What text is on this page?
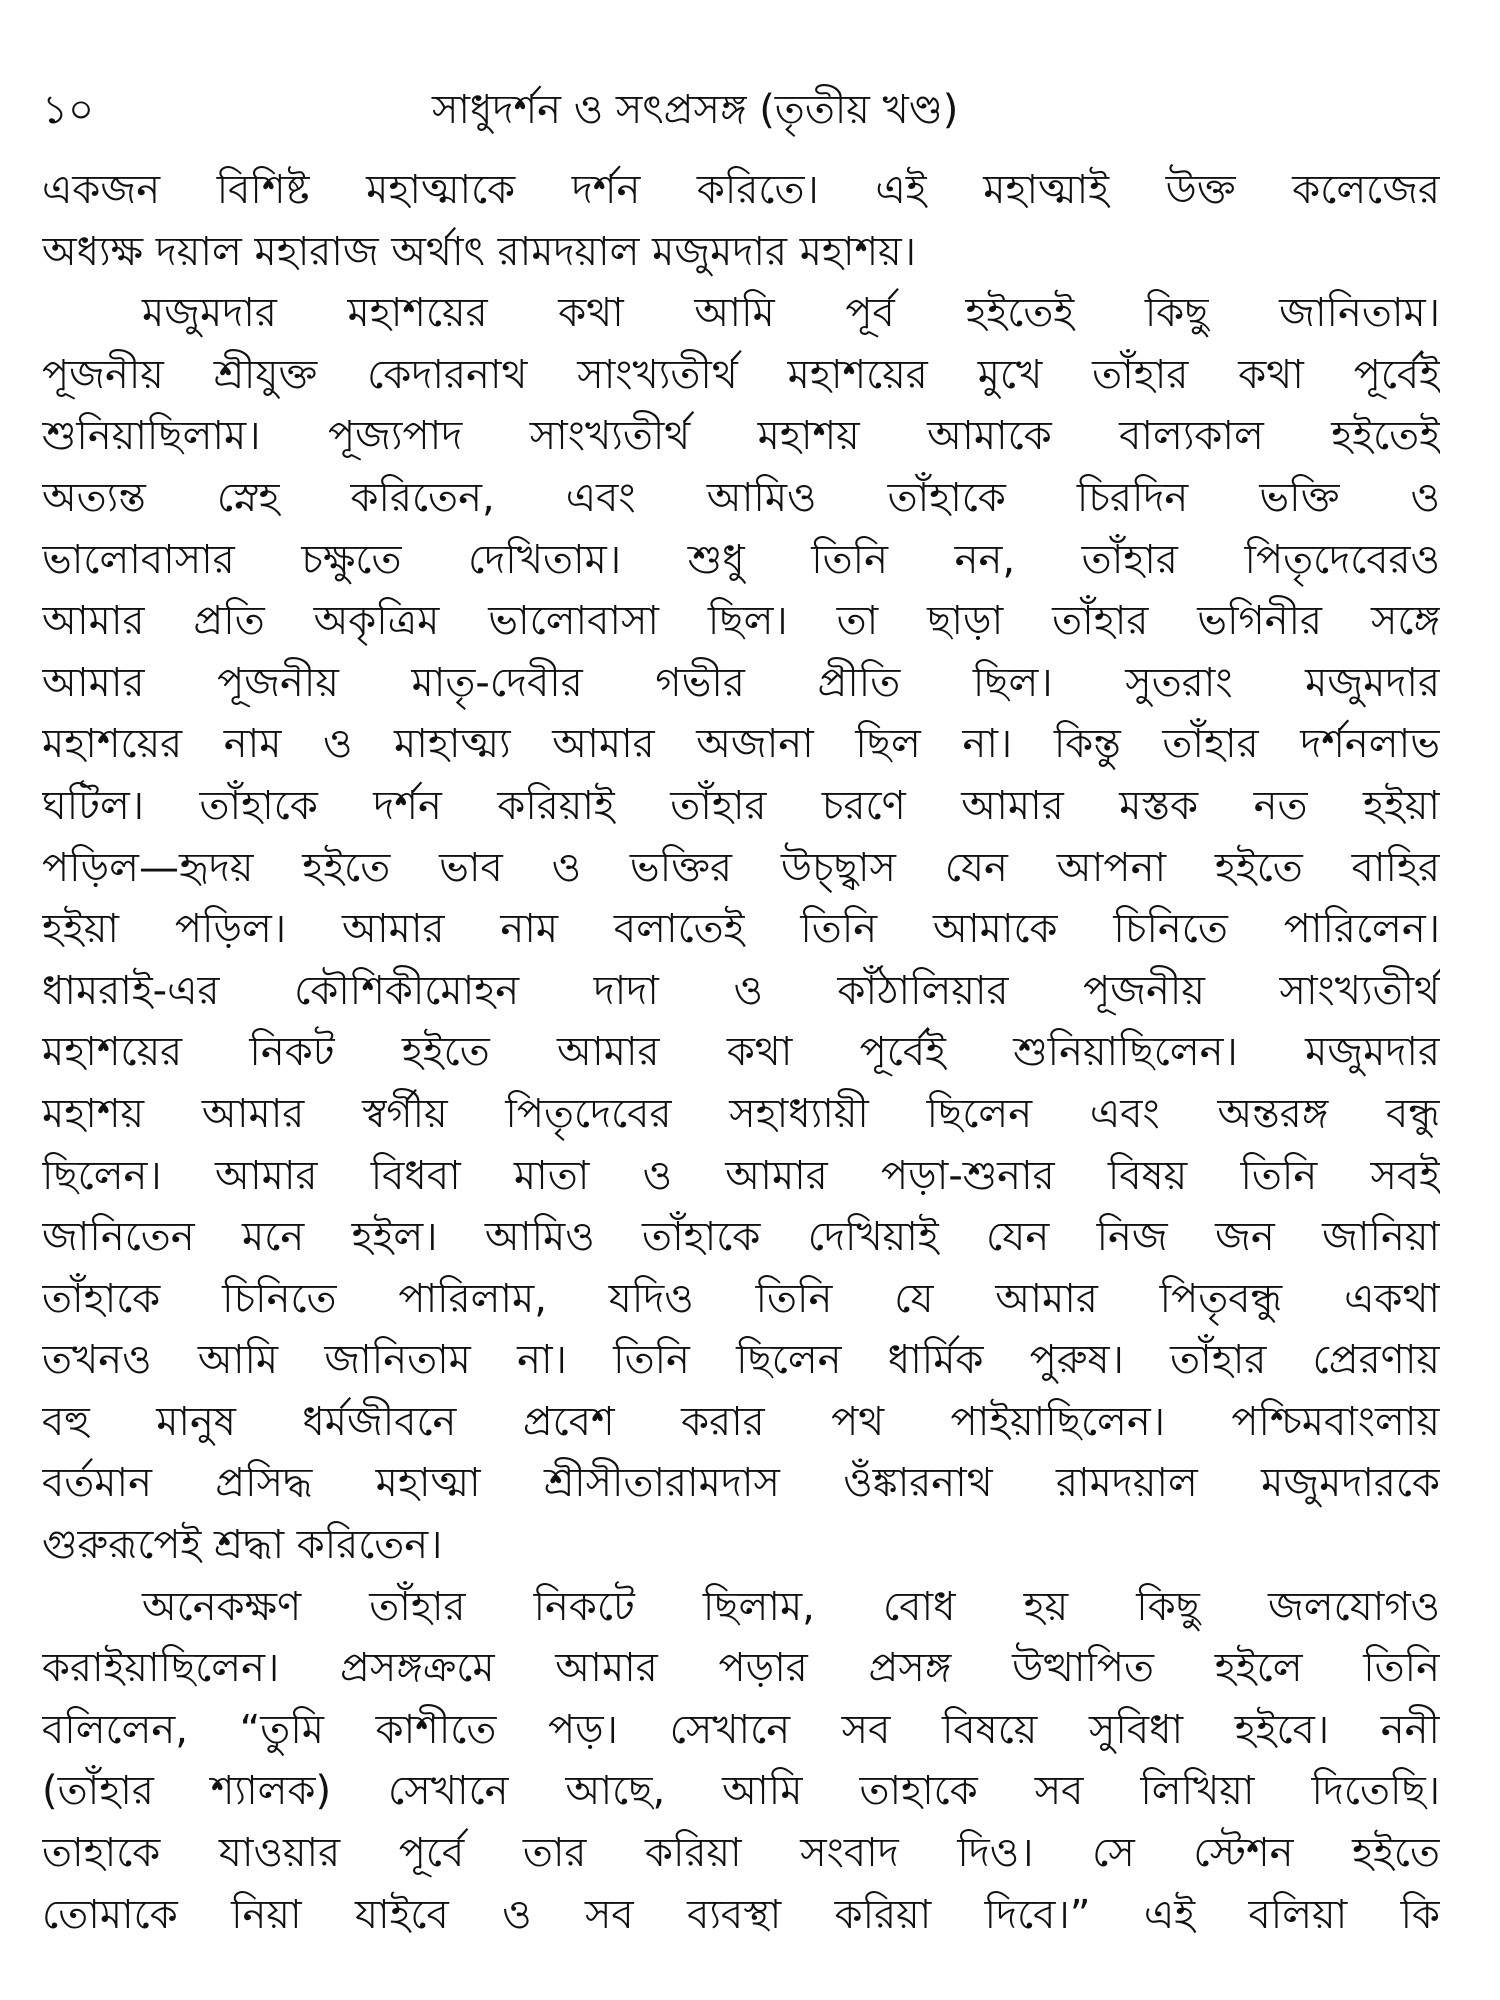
১০	সাধুদর্শন ও সৎপ্রসঙ্গ (তৃতীয় খণ্ড)
একজন বিশিষ্ট মহাত্মাকে দর্শন করিতে। এই মহাত্মাই উক্ত কলেজের
অধ্যক্ষ দয়াল মহারাজ অর্থাৎ রামদয়াল মজুমদার মহাশয়।
মজুমদার মহাশয়ের কথা আমি পূর্ব হইতেই কিছু জানিতাম।
পূজনীয় শ্রীযুক্ত কেদারনাথ সাংখ্যতীর্থ মহাশয়ের মুখে তাঁহার কথা পূর্বেই
শুনিয়াছিলাম। পূজ্যপাদ সাংখ্যতীর্থ মহাশয় আমাকে বাল্যকাল হইতেই
অত্যন্ত স্নেহ করিতেন, এবং আমিও তাঁহাকে চিরদিন ভক্তি ও
ভালোবাসার চক্ষুতে দেখিতাম। শুধু তিনি নন, তাঁহার পিতৃদেবেরও
আমার প্রতি অকৃত্রিম ভালোবাসা ছিল। তা ছাড়া তাঁহার ভগিনীর সঙ্গে
আমার পূজনীয় মাতৃ-দেবীর গভীর প্রীতি ছিল। সুতরাং মজুমদার
মহাশয়ের নাম ও মাহাত্ম্য আমার অজানা ছিল না। কিন্তু তাঁহার দর্শনলাভ
ঘটিল। তাঁহাকে দর্শন করিয়াই তাঁহার চরণে আমার মস্তক নত হইয়া
পড়িল—হৃদয় হইতে ভাব ও ভক্তির উচ্ছ্বাস যেন আপনা হইতে বাহির
হইয়া পড়িল। আমার নাম বলাতেই তিনি আমাকে চিনিতে পারিলেন।
ধামরাই-এর কৌশিকীমোহন দাদা ও কাঁঠালিয়ার পূজনীয় সাংখ্যতীর্থ
মহাশয়ের নিকট হইতে আমার কথা পূর্বেই শুনিয়াছিলেন। মজুমদার
মহাশয় আমার স্বর্গীয় পিতৃদেবের সহাধ্যায়ী ছিলেন এবং অন্তরঙ্গ বন্ধু
ছিলেন। আমার বিধবা মাতা ও আমার পড়া-শুনার বিষয় তিনি সবই
জানিতেন মনে হইল। আমিও তাঁহাকে দেখিয়াই যেন নিজ জন জানিয়া
তাঁহাকে চিনিতে পারিলাম, যদিও তিনি যে আমার পিতৃবন্ধু একথা
তখনও আমি জানিতাম না। তিনি ছিলেন ধার্মিক পুরুষ। তাঁহার প্রেরণায়
বহু মানুষ ধর্মজীবনে প্রবেশ করার পথ পাইয়াছিলেন। পশ্চিমবাংলায়
বর্তমান প্রসিদ্ধ মহাত্মা শ্রীসীতারামদাস ওঁঙ্কারনাথ রামদয়াল মজুমদারকে
গুরুরূপেই শ্রদ্ধা করিতেন।
অনেকক্ষণ তাঁহার নিকটে ছিলাম, বোধ হয় কিছু জলযোগও
করাইয়াছিলেন। প্রসঙ্গক্রমে আমার পড়ার প্রসঙ্গ উত্থাপিত হইলে তিনি
বলিলেন, “তুমি কাশীতে পড়। সেখানে সব বিষয়ে সুবিধা হইবে। ননী
(তাঁহার শ্যালক) সেখানে আছে, আমি তাহাকে সব লিখিয়া দিতেছি।
তাহাকে যাওয়ার পূর্বে তার করিয়া সংবাদ দিও। সে স্টেশন হইতে
তোমাকে নিয়া যাইবে ও সব ব্যবস্থা করিয়া দিবে।” এই বলিয়া কি
